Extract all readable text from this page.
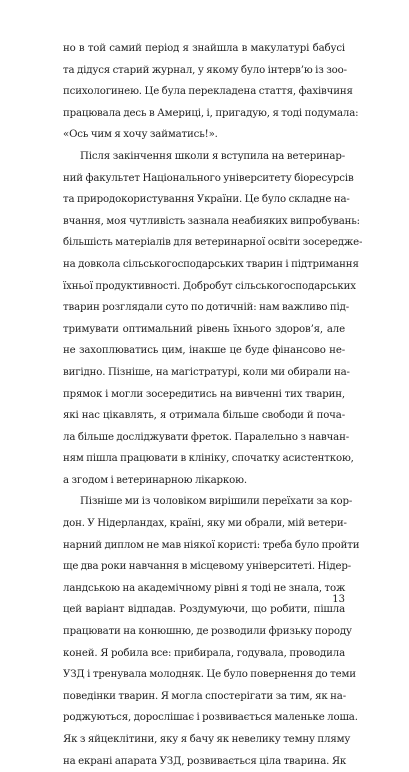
но в той самий період я знайшла в макулатурі бабусі
та дідуся старий журнал, у якому було інтерв’ю із зоо-
психологинею. Це була перекладена стаття, фахівчиня
працювала десь в Америці, і, пригадую, я тоді подумала:
«Ось чим я хочу займатись!».
Після закінчення школи я вступила на ветеринар-
ний факультет Національного університету біоресурсів
та природокористування України. Це було складне на-
вчання, моя чутливість зазнала неабияких випробувань:
більшість матеріалів для ветеринарної освіти зосереджe-
на довкола сільськогосподарських тварин і підтримання
їхньої продуктивності. Добробут сільськогосподарських
тварин розглядали суто по дотичній: нам важливо під-
тримувати оптимальний рівень їхнього здоров’я, але
не захоплюватись цим, інакше це буде фінансово не-
вигідно. Пізніше, на магістратурі, коли ми обирали на-
прямок і могли зосередитись на вивченні тих тварин,
які нас цікавлять, я отримала більше свободи й поча-
ла більше досліджувати фреток. Паралельно з навчан-
ням пішла працювати в клініку, спочатку асистенткою,
а згодом і ветеринарною лікаркою.
Пізніше ми із чоловіком вирішили переїхати за кор-
дон. У Нідерландах, країні, яку ми обрали, мій ветери-
нарний диплом не мав ніякої користі: треба було пройти
ще два роки навчання в місцевому університеті. Нідер-
ландською на академічному рівні я тоді не знала, тож
цей варіант відпадав. Роздумуючи, що робити, пішла
працювати на конюшню, де розводили фризьку породу
коней. Я робила все: прибирала, годувала, проводила
УЗД і тренувала молодняк. Це було повернення до теми
поведінки тварин. Я могла спостерігати за тим, як на-
роджуються, дорослішає і розвивається маленьке лоша.
Як з яйцеклітини, яку я бачу як невелику темну пляму
на екрані апарата УЗД, розвивається ціла тварина. Як
13
